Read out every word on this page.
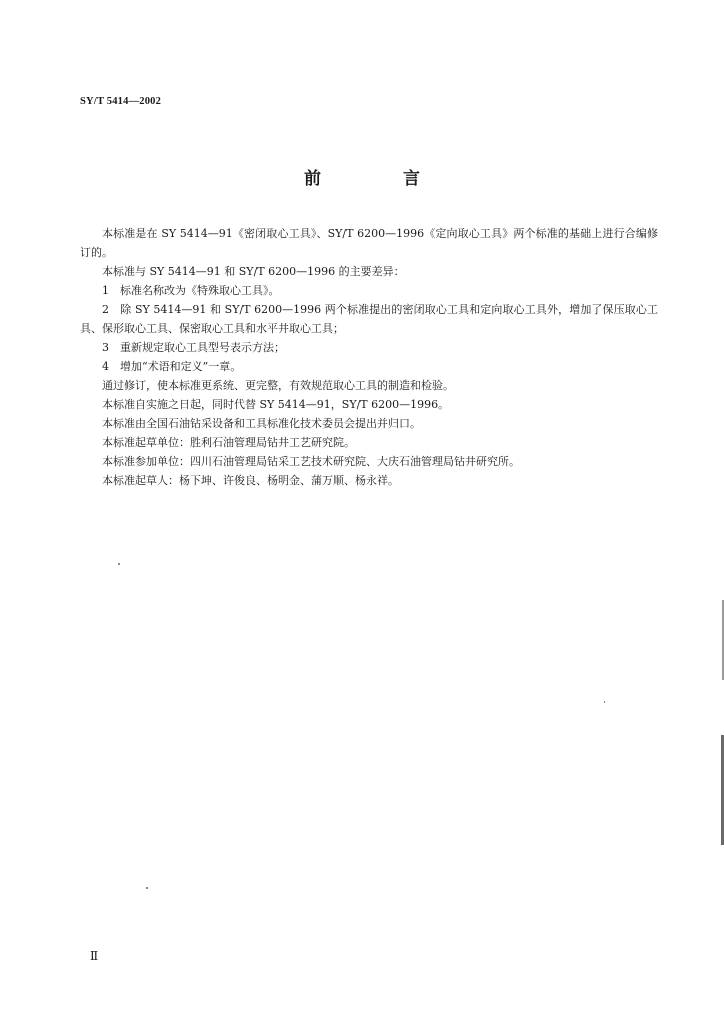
SY/T 5414—2002
前 言

本标准是在 SY 5414—91《密闭取心工具》、SY/T 6200—1996《定向取心工具》两个标准的基础上进行合编修订的。

本标准与 SY 5414—91 和 SY/T 6200—1996 的主要差异：

1　标准名称改为《特殊取心工具》。

2　除 SY 5414—91 和 SY/T 6200—1996 两个标准提出的密闭取心工具和定向取心工具外，增加了保压取心工具、保形取心工具、保密取心工具和水平井取心工具；

3　重新规定取心工具型号表示方法；

4　增加“术语和定义”一章。

通过修订，使本标准更系统、更完整，有效规范取心工具的制造和检验。

本标准自实施之日起，同时代替 SY 5414—91，SY/T 6200—1996。

本标准由全国石油钻采设备和工具标准化技术委员会提出并归口。

本标准起草单位：胜利石油管理局钻井工艺研究院。

本标准参加单位：四川石油管理局钻采工艺技术研究院、大庆石油管理局钻井研究所。

本标准起草人：杨下坤、许俊良、杨明金、蒲万顺、杨永祥。

Ⅱ
